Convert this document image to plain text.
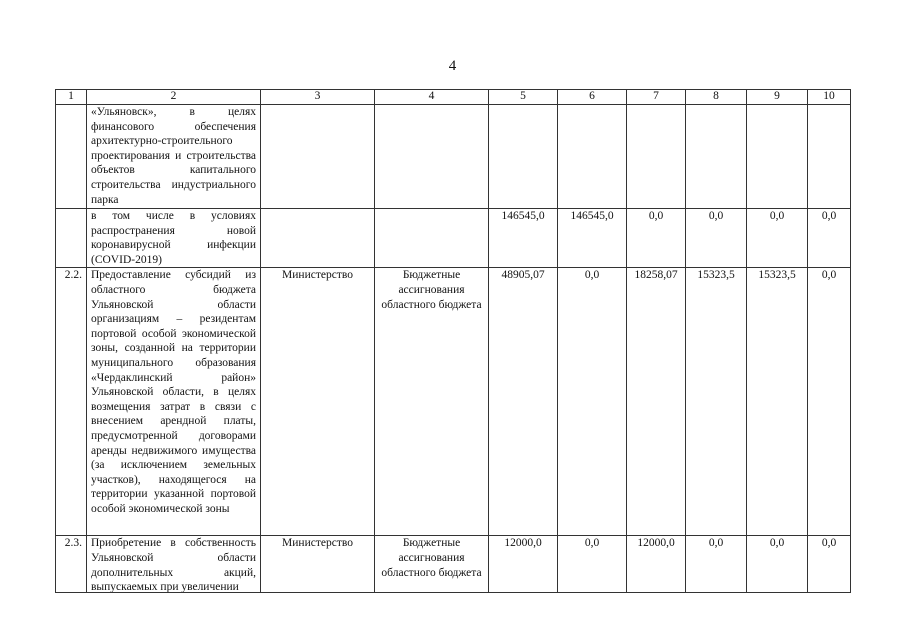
4
1	2	3	4	5	6	7	8	9	10
	«Ульяновск», в целях финансового обеспечения архитектурно-строительного проектирования и строительства объектов капитального строительства индустриального парка								
	в том числе в условиях распространения новой коронавирусной инфекции (COVID-2019)			146545,0	146545,0	0,0	0,0	0,0	0,0
2.2.	Предоставление субсидий из областного бюджета Ульяновской области организациям – резидентам портовой особой экономической зоны, созданной на территории муниципального образования «Чердаклинский район» Ульяновской области, в целях возмещения затрат в связи с внесением арендной платы, предусмотренной договорами аренды недвижимого имущества (за исключением земельных участков), находящегося на территории указанной портовой особой экономической зоны	Министерство	Бюджетные ассигнования областного бюджета	48905,07	0,0	18258,07	15323,5	15323,5	0,0
2.3.	Приобретение в собственность Ульяновской области дополнительных акций, выпускаемых при увеличении	Министерство	Бюджетные ассигнования областного бюджета	12000,0	0,0	12000,0	0,0	0,0	0,0
